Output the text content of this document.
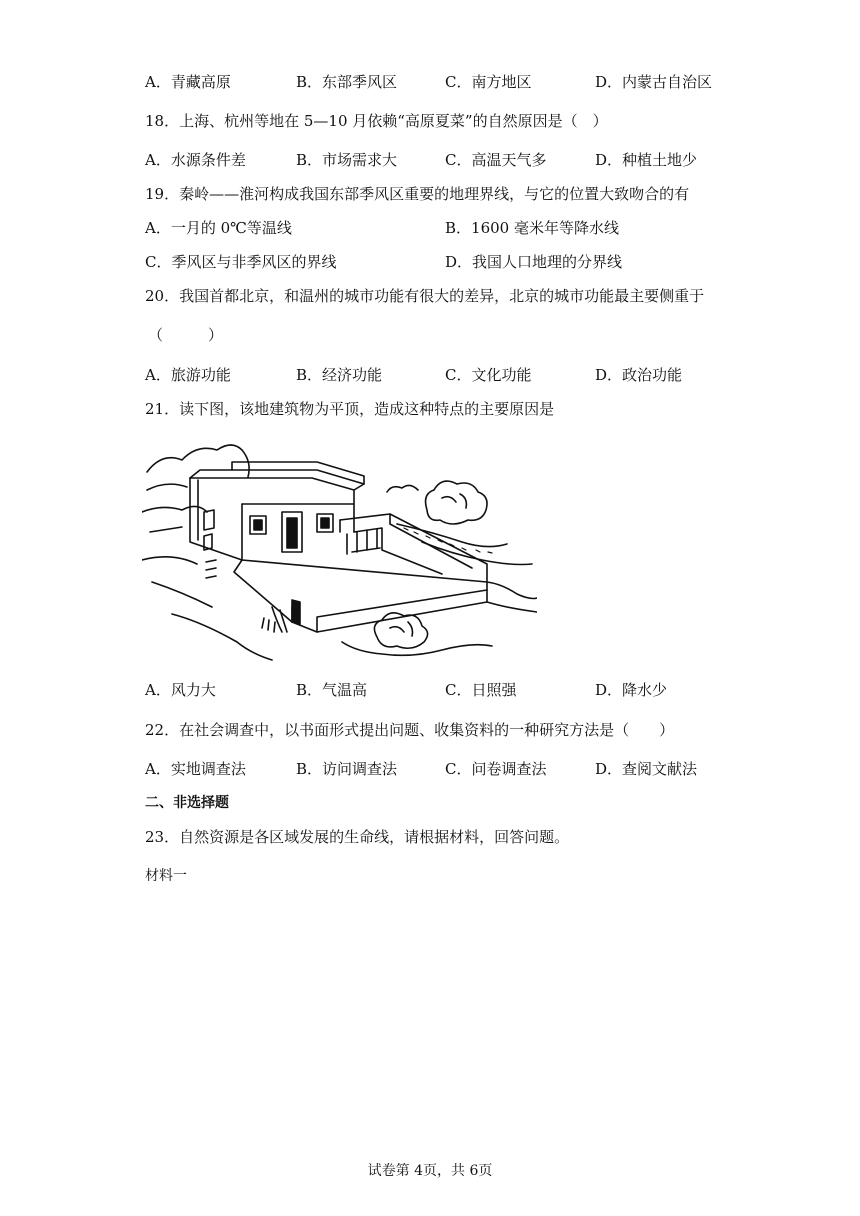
A．青藏高原	B．东部季风区	C．南方地区	D．内蒙古自治区
18．上海、杭州等地在 5—10 月依赖“高原夏菜”的自然原因是（　）
A．水源条件差	B．市场需求大	C．高温天气多	D．种植土地少
19．秦岭——淮河构成我国东部季风区重要的地理界线，与它的位置大致吻合的有
A．一月的 0℃等温线	B．1600 毫米年等降水线
C．季风区与非季风区的界线	D．我国人口地理的分界线
20．我国首都北京，和温州的城市功能有很大的差异，北京的城市功能最主要侧重于
（　　　）
A．旅游功能	B．经济功能	C．文化功能	D．政治功能
21．读下图，该地建筑物为平顶，造成这种特点的主要原因是
A．风力大	B．气温高	C．日照强	D．降水少
22．在社会调查中，以书面形式提出问题、收集资料的一种研究方法是（　　）
A．实地调查法	B．访问调查法	C．问卷调查法	D．查阅文献法
二、非选择题
23．自然资源是各区域发展的生命线，请根据材料，回答问题。
材料一
试卷第 4页，共 6页
